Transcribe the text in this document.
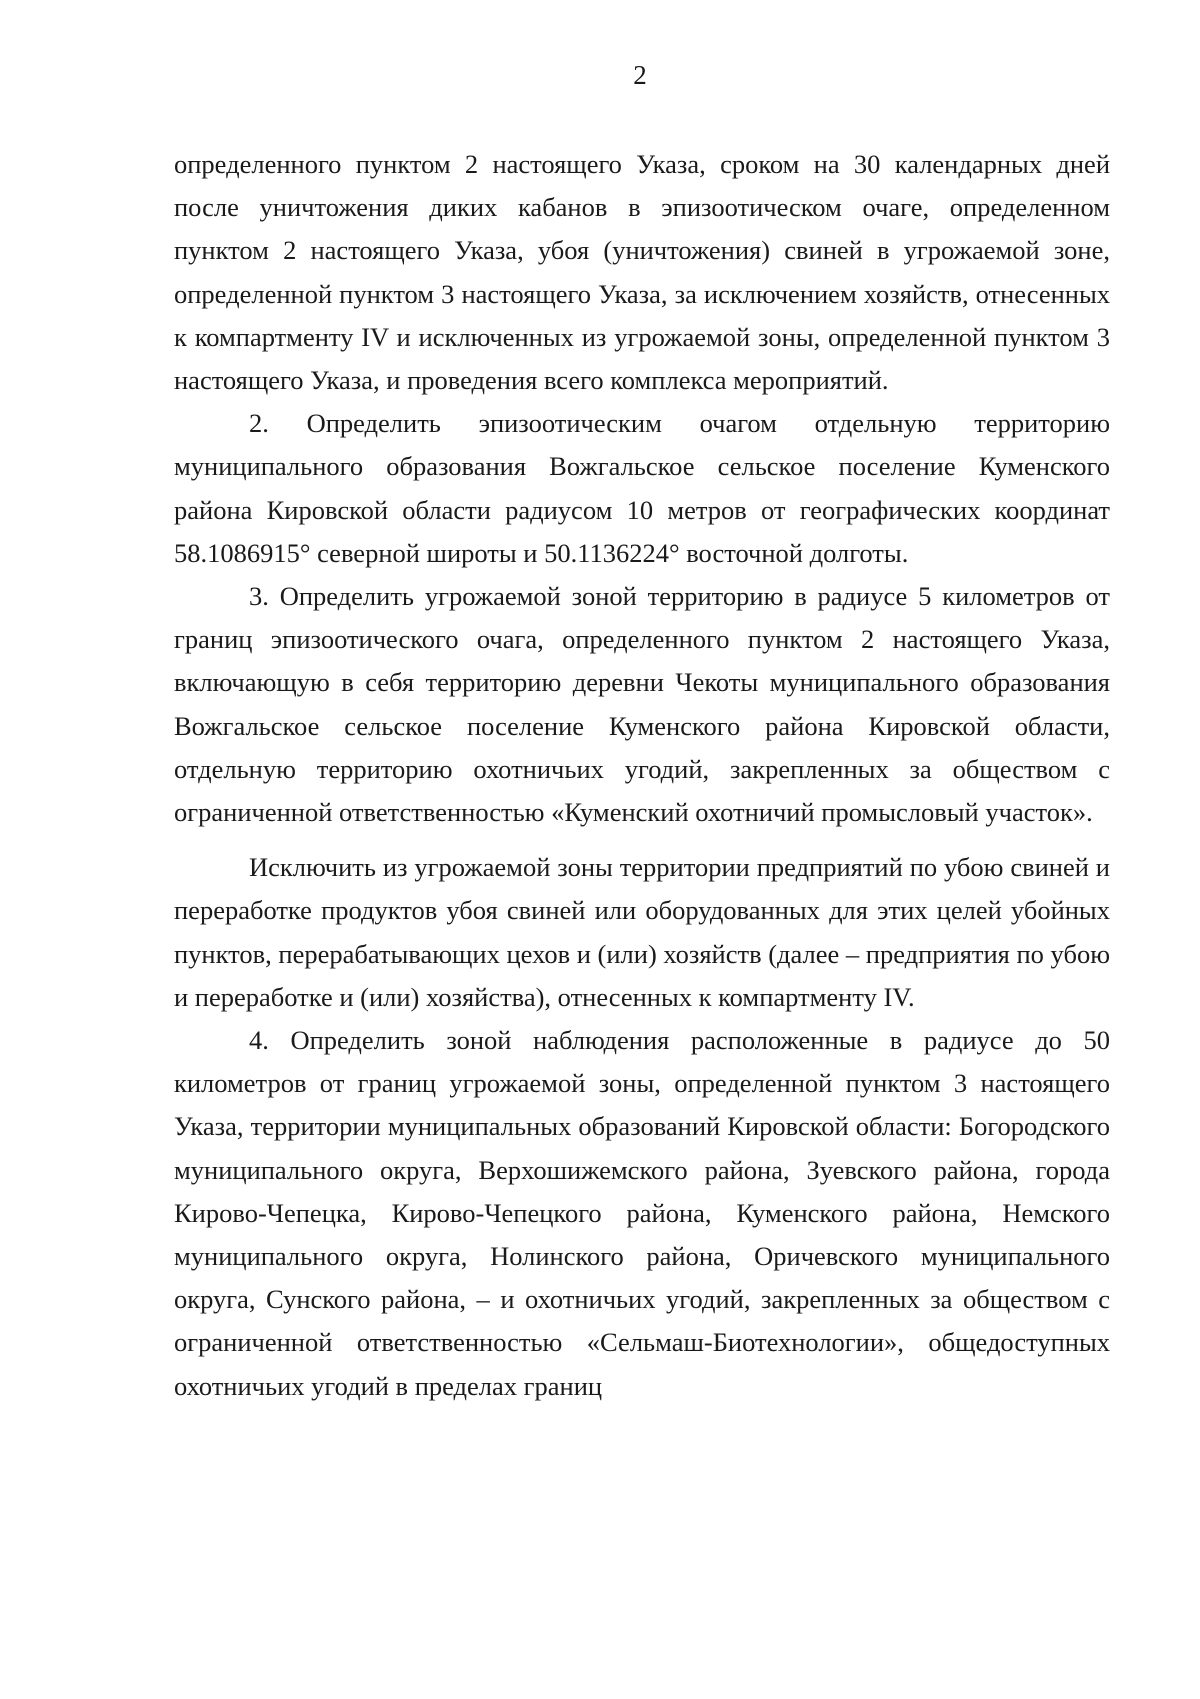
2

определенного пунктом 2 настоящего Указа, сроком на 30 календарных дней после уничтожения диких кабанов в эпизоотическом очаге, определенном пунктом 2 настоящего Указа, убоя (уничтожения) свиней в угрожаемой зоне, определенной пунктом 3 настоящего Указа, за исключением хозяйств, отнесенных к компартменту IV и исключенных из угрожаемой зоны, определенной пунктом 3 настоящего Указа, и проведения всего комплекса мероприятий.

2. Определить эпизоотическим очагом отдельную территорию муниципального образования Вожгальское сельское поселение Куменского района Кировской области радиусом 10 метров от географических координат 58.1086915° северной широты и 50.1136224° восточной долготы.

3. Определить угрожаемой зоной территорию в радиусе 5 километров от границ эпизоотического очага, определенного пунктом 2 настоящего Указа, включающую в себя территорию деревни Чекоты муниципального образования Вожгальское сельское поселение Куменского района Кировской области, отдельную территорию охотничьих угодий, закрепленных за обществом с ограниченной ответственностью «Куменский охотничий промысловый участок».

Исключить из угрожаемой зоны территории предприятий по убою свиней и переработке продуктов убоя свиней или оборудованных для этих целей убойных пунктов, перерабатывающих цехов и (или) хозяйств (далее – предприятия по убою и переработке и (или) хозяйства), отнесенных к компартменту IV.

4. Определить зоной наблюдения расположенные в радиусе до 50 километров от границ угрожаемой зоны, определенной пунктом 3 настоящего Указа, территории муниципальных образований Кировской области: Богородского муниципального округа, Верхошижемского района, Зуевского района, города Кирово-Чепецка, Кирово-Чепецкого района, Куменского района, Немского муниципального округа, Нолинского района, Оричевского муниципального округа, Сунского района, – и охотничьих угодий, закрепленных за обществом с ограниченной ответственностью «Сельмаш-Биотехнологии», общедоступных охотничьих угодий в пределах границ
